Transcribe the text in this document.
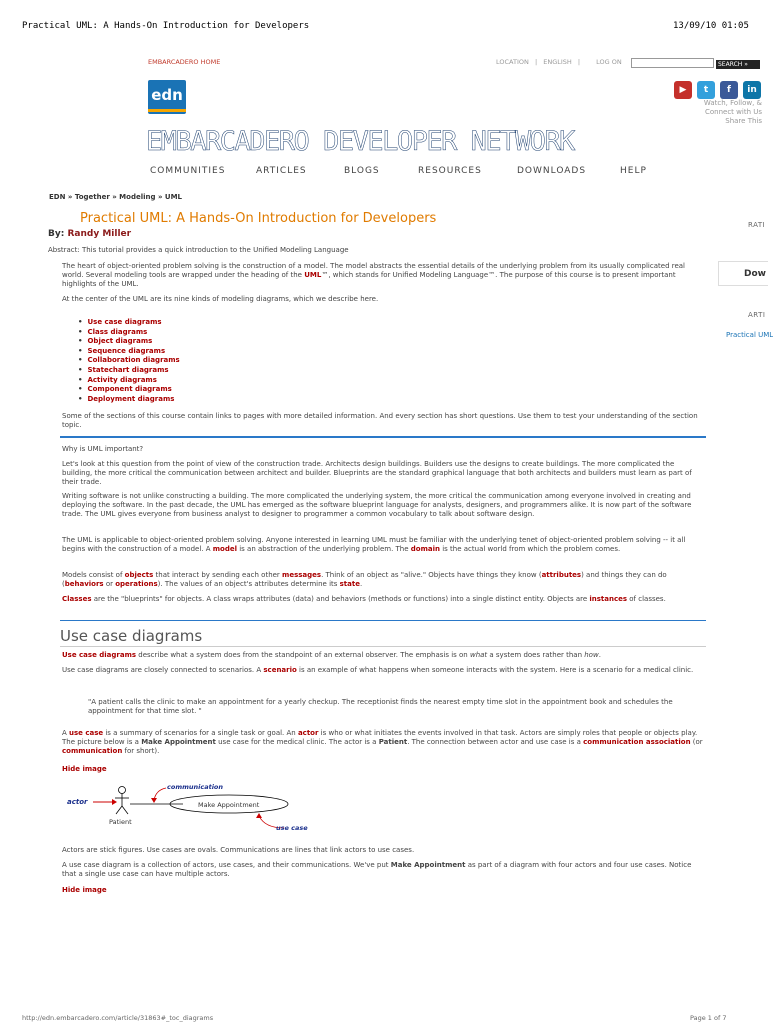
Practical UML: A Hands-On Introduction for Developers	13/09/10 01:05
EMBARCADERO HOME	LOCATION | ENGLISH | LOG ON	SEARCH »
edn
EMBARCADERO DEVELOPER NETWORK
▶	t	f	in
Watch, Follow, &
Connect with Us
Share This
COMMUNITIES	ARTICLES	BLOGS	RESOURCES	DOWNLOADS	HELP
EDN » Together » Modeling » UML
Practical UML: A Hands-On Introduction for Developers
By: Randy Miller
Abstract: This tutorial provides a quick introduction to the Unified Modeling Language
The heart of object-oriented problem solving is the construction of a model. The model abstracts the essential details of the underlying problem from its usually complicated real world. Several modeling tools are wrapped under the heading of the UML™, which stands for Unified Modeling Language™. The purpose of this course is to present important highlights of the UML.
At the center of the UML are its nine kinds of modeling diagrams, which we describe here.
• Use case diagrams
• Class diagrams
• Object diagrams
• Sequence diagrams
• Collaboration diagrams
• Statechart diagrams
• Activity diagrams
• Component diagrams
• Deployment diagrams
Some of the sections of this course contain links to pages with more detailed information. And every section has short questions. Use them to test your understanding of the section topic.
Why is UML important?
Let's look at this question from the point of view of the construction trade. Architects design buildings. Builders use the designs to create buildings. The more complicated the building, the more critical the communication between architect and builder. Blueprints are the standard graphical language that both architects and builders must learn as part of their trade.
Writing software is not unlike constructing a building. The more complicated the underlying system, the more critical the communication among everyone involved in creating and deploying the software. In the past decade, the UML has emerged as the software blueprint language for analysts, designers, and programmers alike. It is now part of the software trade. The UML gives everyone from business analyst to designer to programmer a common vocabulary to talk about software design.
The UML is applicable to object-oriented problem solving. Anyone interested in learning UML must be familiar with the underlying tenet of object-oriented problem solving -- it all begins with the construction of a model. A model is an abstraction of the underlying problem. The domain is the actual world from which the problem comes.
Models consist of objects that interact by sending each other messages. Think of an object as "alive." Objects have things they know (attributes) and things they can do (behaviors or operations). The values of an object's attributes determine its state.
Classes are the "blueprints" for objects. A class wraps attributes (data) and behaviors (methods or functions) into a single distinct entity. Objects are instances of classes.
Use case diagrams
Use case diagrams describe what a system does from the standpoint of an external observer. The emphasis is on what a system does rather than how.
Use case diagrams are closely connected to scenarios. A scenario is an example of what happens when someone interacts with the system. Here is a scenario for a medical clinic.
"A patient calls the clinic to make an appointment for a yearly checkup. The receptionist finds the nearest empty time slot in the appointment book and schedules the appointment for that time slot. "
A use case is a summary of scenarios for a single task or goal. An actor is who or what initiates the events involved in that task. Actors are simply roles that people or objects play. The picture below is a Make Appointment use case for the medical clinic. The actor is a Patient. The connection between actor and use case is a communication association (or communication for short).
Hide image
actor
Patient
Make Appointment
communication
use case
Actors are stick figures. Use cases are ovals. Communications are lines that link actors to use cases.
A use case diagram is a collection of actors, use cases, and their communications. We've put Make Appointment as part of a diagram with four actors and four use cases. Notice that a single use case can have multiple actors.
Hide image
RATI
Dow
ARTI
Practical UML
http://edn.embarcadero.com/article/31863#_toc_diagrams	Page 1 of 7
